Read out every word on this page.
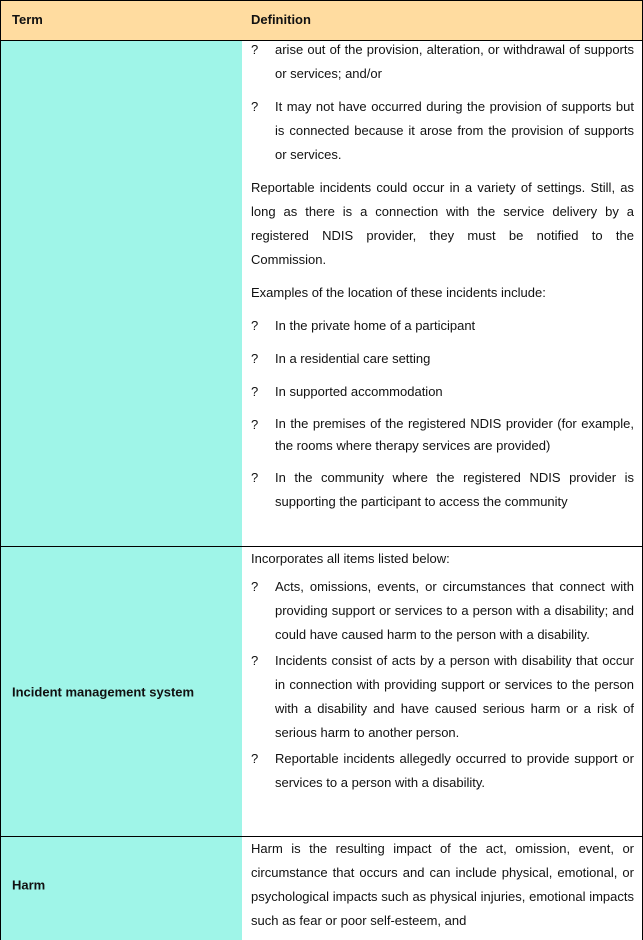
Term	Definition
? arise out of the provision, alteration, or withdrawal of supports or services; and/or
? It may not have occurred during the provision of supports but is connected because it arose from the provision of supports or services.

Reportable incidents could occur in a variety of settings. Still, as long as there is a connection with the service delivery by a registered NDIS provider, they must be notified to the Commission.

Examples of the location of these incidents include:

? In the private home of a participant
? In a residential care setting
? In supported accommodation
? In the premises of the registered NDIS provider (for example, the rooms where therapy services are provided)
? In the community where the registered NDIS provider is supporting the participant to access the community
Incident management system

Incorporates all items listed below:

? Acts, omissions, events, or circumstances that connect with providing support or services to a person with a disability; and could have caused harm to the person with a disability.
? Incidents consist of acts by a person with disability that occur in connection with providing support or services to the person with a disability and have caused serious harm or a risk of serious harm to another person.
? Reportable incidents allegedly occurred to provide support or services to a person with a disability.
Harm

Harm is the resulting impact of the act, omission, event, or circumstance that occurs and can include physical, emotional, or psychological impacts such as physical injuries, emotional impacts such as fear or poor self-esteem, and
